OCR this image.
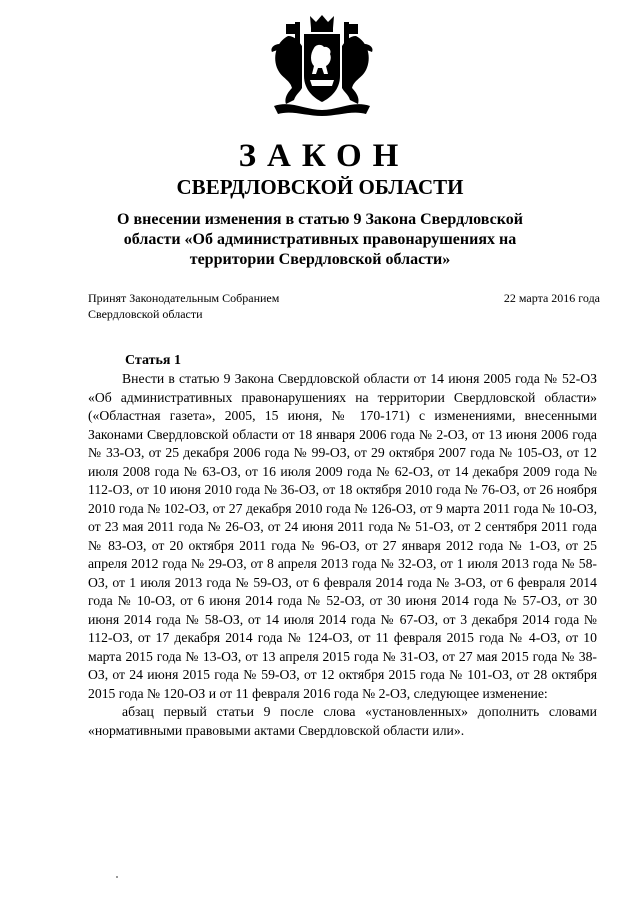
ЗАКОН
СВЕРДЛОВСКОЙ ОБЛАСТИ
О внесении изменения в статью 9 Закона Свердловской области «Об административных правонарушениях на территории Свердловской области»
Принят Законодательным Собранием Свердловской области
22 марта 2016 года
Статья 1

Внести в статью 9 Закона Свердловской области от 14 июня 2005 года № 52-ОЗ «Об административных правонарушениях на территории Свердловской области» («Областная газета», 2005, 15 июня, № 170-171) с изменениями, внесенными Законами Свердловской области от 18 января 2006 года № 2-ОЗ, от 13 июня 2006 года № 33-ОЗ, от 25 декабря 2006 года № 99-ОЗ, от 29 октября 2007 года № 105-ОЗ, от 12 июля 2008 года № 63-ОЗ, от 16 июля 2009 года № 62-ОЗ, от 14 декабря 2009 года № 112-ОЗ, от 10 июня 2010 года № 36-ОЗ, от 18 октября 2010 года № 76-ОЗ, от 26 ноября 2010 года № 102-ОЗ, от 27 декабря 2010 года № 126-ОЗ, от 9 марта 2011 года № 10-ОЗ, от 23 мая 2011 года № 26-ОЗ, от 24 июня 2011 года № 51-ОЗ, от 2 сентября 2011 года № 83-ОЗ, от 20 октября 2011 года № 96-ОЗ, от 27 января 2012 года № 1-ОЗ, от 25 апреля 2012 года № 29-ОЗ, от 8 апреля 2013 года № 32-ОЗ, от 1 июля 2013 года № 58-ОЗ, от 1 июля 2013 года № 59-ОЗ, от 6 февраля 2014 года № 3-ОЗ, от 6 февраля 2014 года № 10-ОЗ, от 6 июня 2014 года № 52-ОЗ, от 30 июня 2014 года № 57-ОЗ, от 30 июня 2014 года № 58-ОЗ, от 14 июля 2014 года № 67-ОЗ, от 3 декабря 2014 года № 112-ОЗ, от 17 декабря 2014 года № 124-ОЗ, от 11 февраля 2015 года № 4-ОЗ, от 10 марта 2015 года № 13-ОЗ, от 13 апреля 2015 года № 31-ОЗ, от 27 мая 2015 года № 38-ОЗ, от 24 июня 2015 года № 59-ОЗ, от 12 октября 2015 года № 101-ОЗ, от 28 октября 2015 года № 120-ОЗ и от 11 февраля 2016 года № 2-ОЗ, следующее изменение:

абзац первый статьи 9 после слова «установленных» дополнить словами «нормативными правовыми актами Свердловской области или».
